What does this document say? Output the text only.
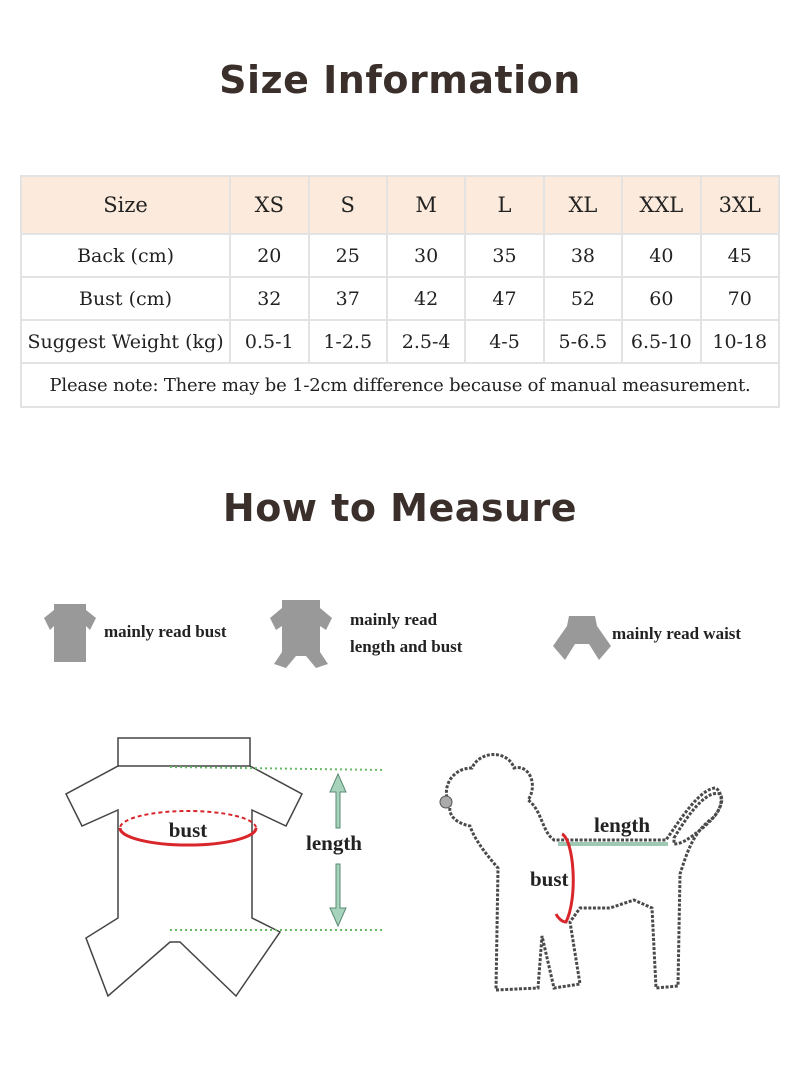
Size Information
Size	XS	S	M	L	XL	XXL	3XL
Back (cm)	20	25	30	35	38	40	45
Bust (cm)	32	37	42	47	52	60	70
Suggest Weight (kg)	0.5-1	1-2.5	2.5-4	4-5	5-6.5	6.5-10	10-18
Please note: There may be 1-2cm difference because of manual measurement.							
How to Measure
mainly read bust
mainly read
length and bust
mainly read waist
bust
length
length
bust
